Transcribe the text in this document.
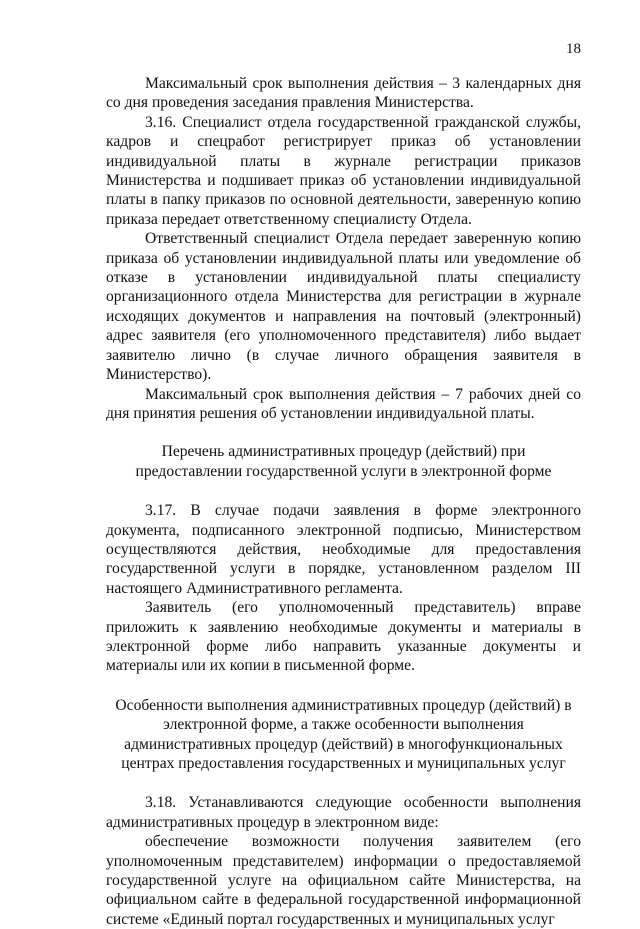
18

Максимальный срок выполнения действия – 3 календарных дня со дня проведения заседания правления Министерства.

3.16. Специалист отдела государственной гражданской службы, кадров и спецработ регистрирует приказ об установлении индивидуальной платы в журнале регистрации приказов Министерства и подшивает приказ об установлении индивидуальной платы в папку приказов по основной деятельности, заверенную копию приказа передает ответственному специалисту Отдела.

Ответственный специалист Отдела передает заверенную копию приказа об установлении индивидуальной платы или уведомление об отказе в установлении индивидуальной платы специалисту организационного отдела Министерства для регистрации в журнале исходящих документов и направления на почтовый (электронный) адрес заявителя (его уполномоченного представителя) либо выдает заявителю лично (в случае личного обращения заявителя в Министерство).

Максимальный срок выполнения действия – 7 рабочих дней со дня принятия решения об установлении индивидуальной платы.

Перечень административных процедур (действий) при предоставлении государственной услуги в электронной форме

3.17. В случае подачи заявления в форме электронного документа, подписанного электронной подписью, Министерством осуществляются действия, необходимые для предоставления государственной услуги в порядке, установленном разделом III настоящего Административного регламента.

Заявитель (его уполномоченный представитель) вправе приложить к заявлению необходимые документы и материалы в электронной форме либо направить указанные документы и материалы или их копии в письменной форме.

Особенности выполнения административных процедур (действий) в электронной форме, а также особенности выполнения административных процедур (действий) в многофункциональных центрах предоставления государственных и муниципальных услуг

3.18. Устанавливаются следующие особенности выполнения административных процедур в электронном виде:

обеспечение возможности получения заявителем (его уполномоченным представителем) информации о предоставляемой государственной услуге на официальном сайте Министерства, на официальном сайте в федеральной государственной информационной системе «Единый портал государственных и муниципальных услуг
